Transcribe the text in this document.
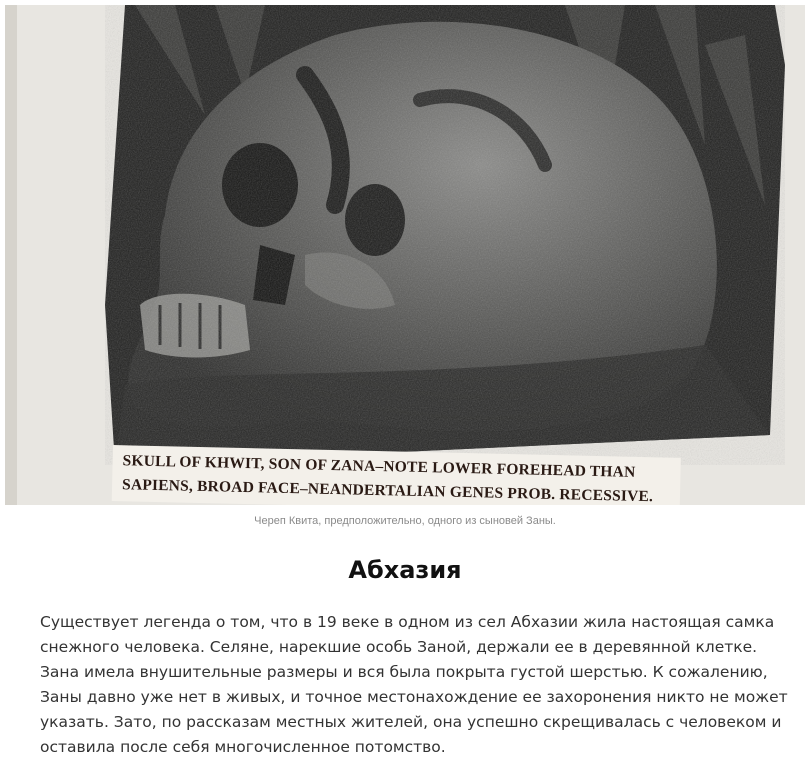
SKULL OF KHWIT, SON OF ZANA–NOTE LOWER FOREHEAD THAN
SAPIENS, BROAD FACE–NEANDERTALIAN GENES PROB. RECESSIVE.
Череп Квита, предположительно, одного из сыновей Заны.
Абхазия

Существует легенда о том, что в 19 веке в одном из сел Абхазии жила настоящая самка снежного человека. Селяне, нарекшие особь Заной, держали ее в деревянной клетке. Зана имела внушительные размеры и вся была покрыта густой шерстью. К сожалению, Заны давно уже нет в живых, и точное местонахождение ее захоронения никто не может указать. Зато, по рассказам местных жителей, она успешно скрещивалась с человеком и оставила после себя многочисленное потомство.
